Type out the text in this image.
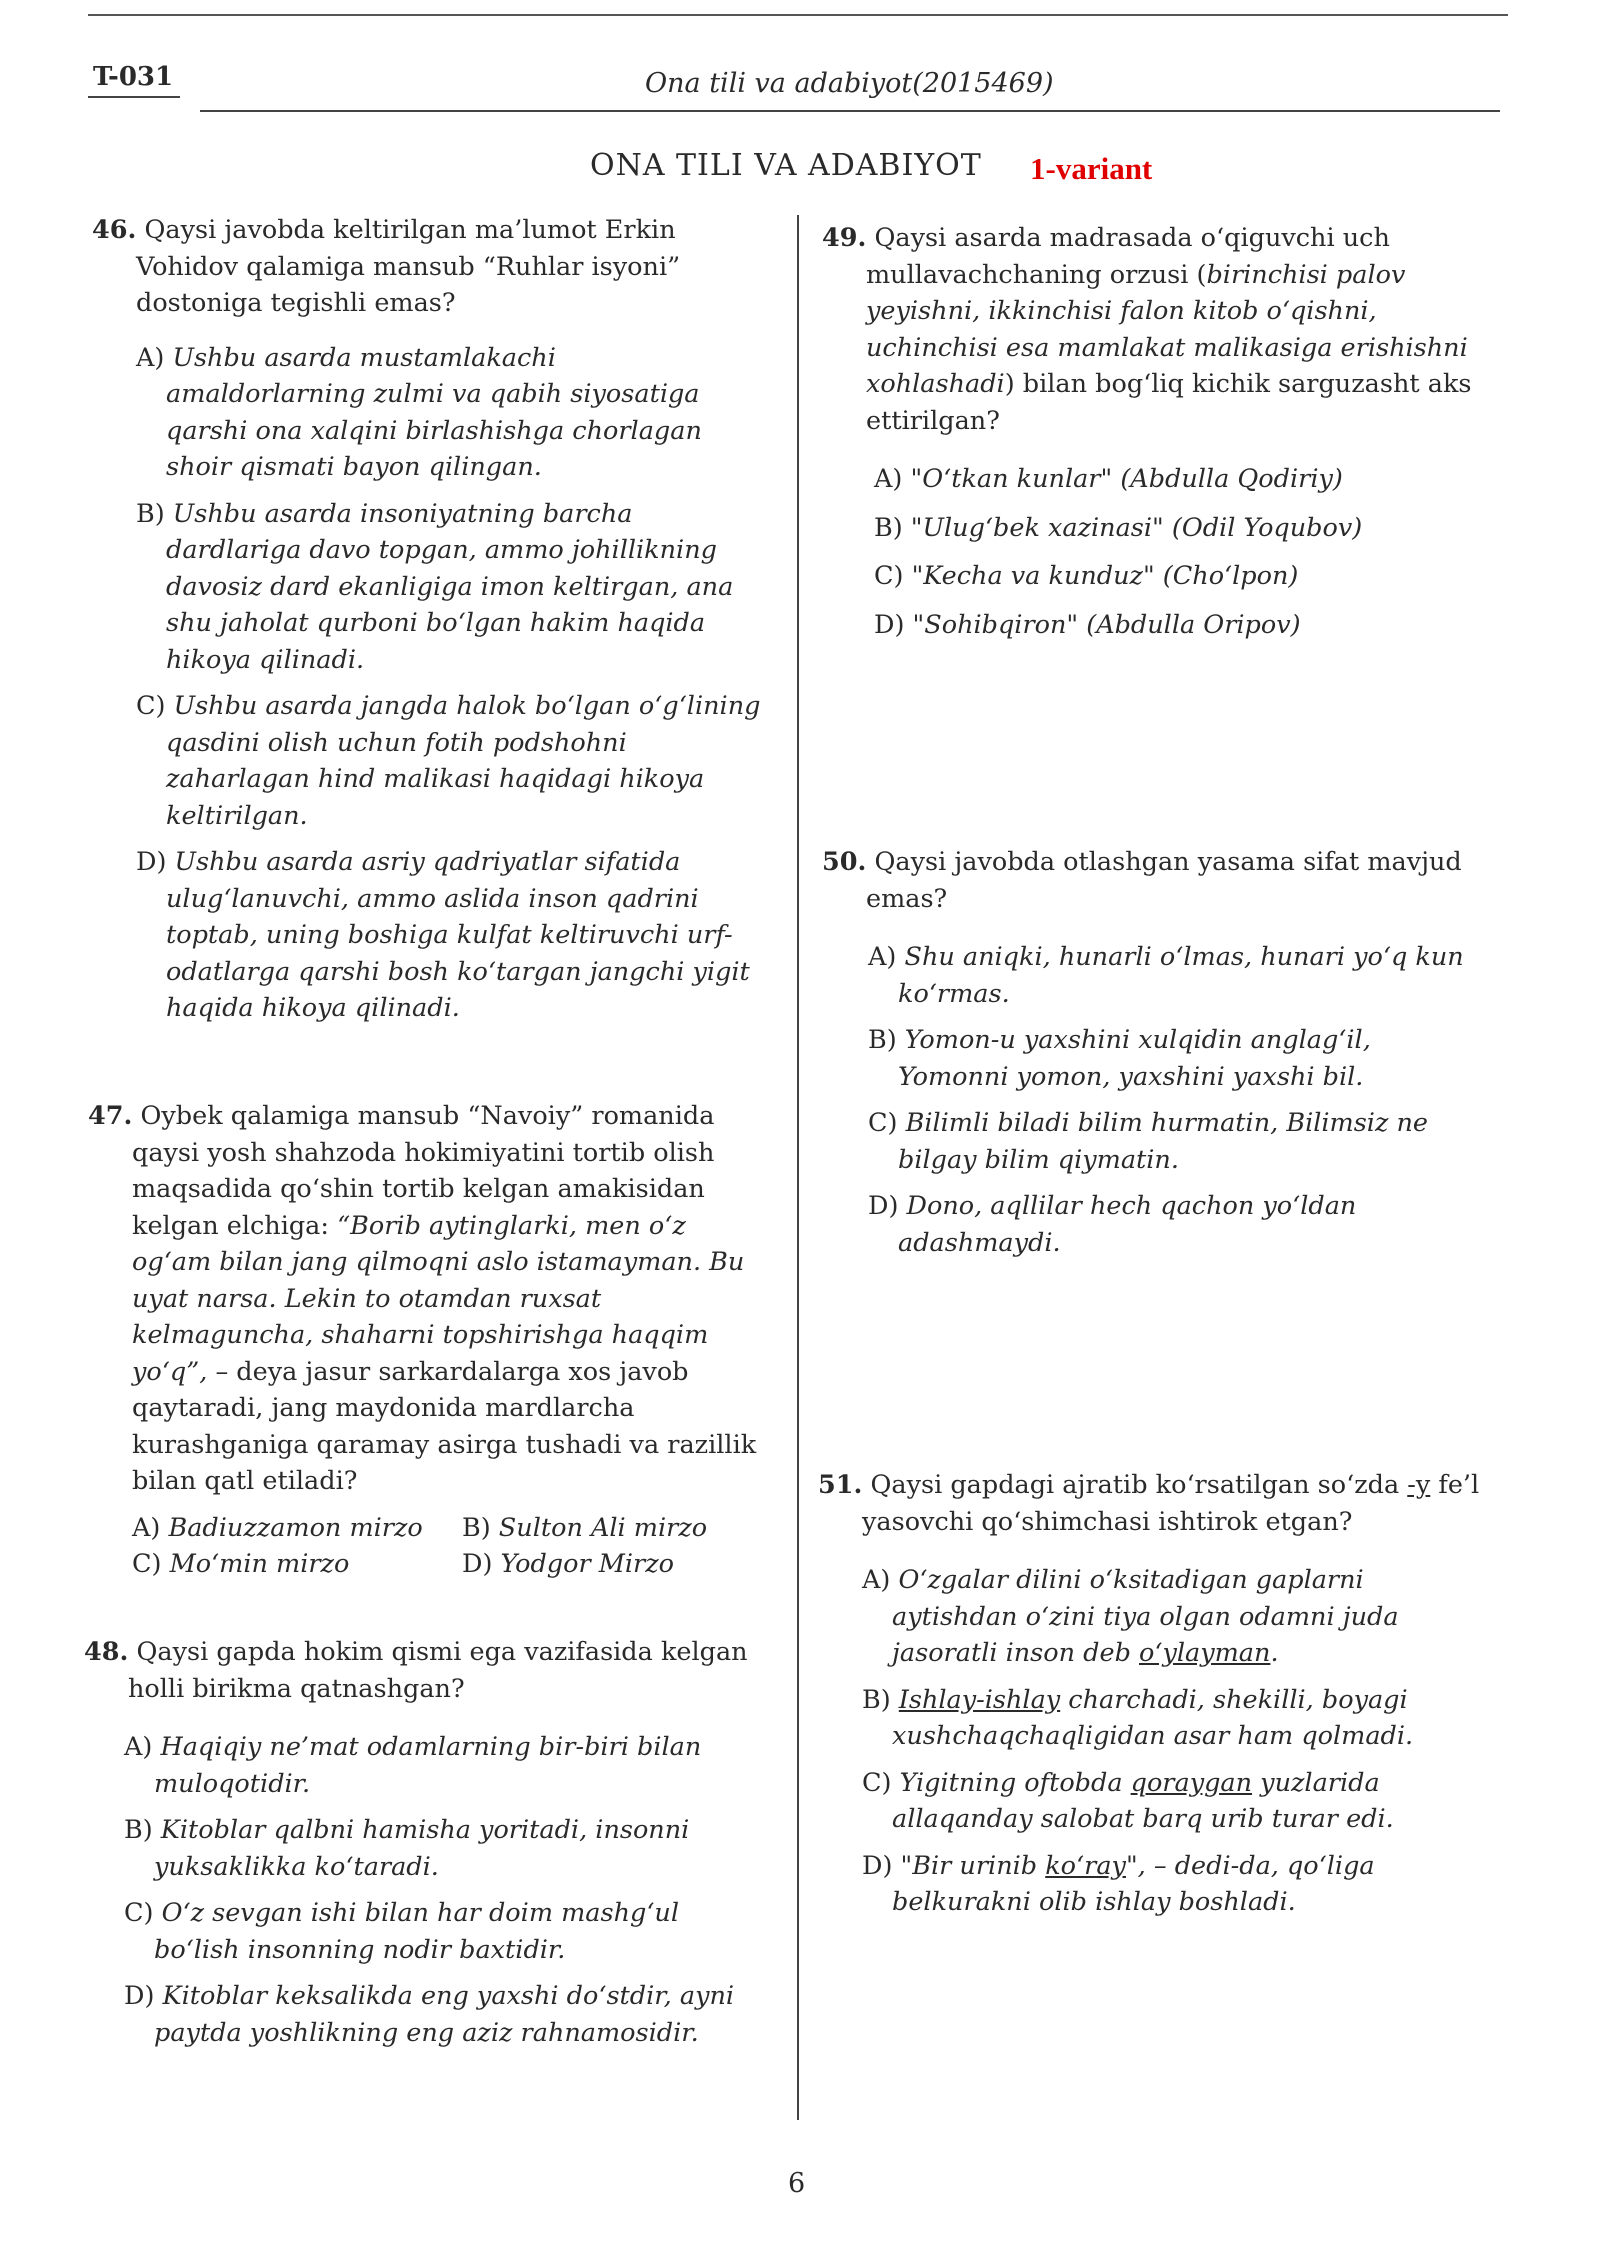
T-031	Ona tili va adabiyot(2015469)
ONA TILI VA ADABIYOT 1-variant
46. Qaysi javobda keltirilgan ma’lumot Erkin Vohidov qalamiga mansub “Ruhlar isyoni” dostoniga tegishli emas?
A) Ushbu asarda mustamlakachi amaldorlarning zulmi va qabih siyosatiga qarshi ona xalqini birlashishga chorlagan shoir qismati bayon qilingan.
B) Ushbu asarda insoniyatning barcha dardlariga davo topgan, ammo johillikning davosiz dard ekanligiga imon keltirgan, ana shu jaholat qurboni bo‘lgan hakim haqida hikoya qilinadi.
C) Ushbu asarda jangda halok bo‘lgan o‘g‘lining qasdini olish uchun fotih podshohni zaharlagan hind malikasi haqidagi hikoya keltirilgan.
D) Ushbu asarda asriy qadriyatlar sifatida ulug‘lanuvchi, ammo aslida inson qadrini toptab, uning boshiga kulfat keltiruvchi urf-odatlarga qarshi bosh ko‘targan jangchi yigit haqida hikoya qilinadi.
47. Oybek qalamiga mansub “Navoiy” romanida qaysi yosh shahzoda hokimiyatini tortib olish maqsadida qo‘shin tortib kelgan amakisidan kelgan elchiga: “Borib aytinglarki, men o‘z og‘am bilan jang qilmoqni aslo istamayman. Bu uyat narsa. Lekin to otamdan ruxsat kelmaguncha, shaharni topshirishga haqqim yo‘q”, – deya jasur sarkardalarga xos javob qaytaradi, jang maydonida mardlarcha kurashganiga qaramay asirga tushadi va razillik bilan qatl etiladi?
A) Badiuzzamon mirzo	B) Sulton Ali mirzo
C) Mo‘min mirzo	D) Yodgor Mirzo
48. Qaysi gapda hokim qismi ega vazifasida kelgan holli birikma qatnashgan?
A) Haqiqiy ne’mat odamlarning bir-biri bilan muloqotidir.
B) Kitoblar qalbni hamisha yoritadi, insonni yuksaklikka ko‘taradi.
C) O‘z sevgan ishi bilan har doim mashg‘ul bo‘lish insonning nodir baxtidir.
D) Kitoblar keksalikda eng yaxshi do‘stdir, ayni paytda yoshlikning eng aziz rahnamosidir.
49. Qaysi asarda madrasada o‘qiguvchi uch mullavachchaning orzusi (birinchisi palov yeyishni, ikkinchisi falon kitob o‘qishni, uchinchisi esa mamlakat malikasiga erishishni xohlashadi) bilan bog‘liq kichik sarguzasht aks ettirilgan?
A) "O‘tkan kunlar" (Abdulla Qodiriy)
B) "Ulug‘bek xazinasi" (Odil Yoqubov)
C) "Kecha va kunduz" (Cho‘lpon)
D) "Sohibqiron" (Abdulla Oripov)
50. Qaysi javobda otlashgan yasama sifat mavjud emas?
A) Shu aniqki, hunarli o‘lmas, hunari yo‘q kun ko‘rmas.
B) Yomon-u yaxshini xulqidin anglag‘il, Yomonni yomon, yaxshini yaxshi bil.
C) Bilimli biladi bilim hurmatin, Bilimsiz ne bilgay bilim qiymatin.
D) Dono, aqllilar hech qachon yo‘ldan adashmaydi.
51. Qaysi gapdagi ajratib ko‘rsatilgan so‘zda -y fe’l yasovchi qo‘shimchasi ishtirok etgan?
A) O‘zgalar dilini o‘ksitadigan gaplarni aytishdan o‘zini tiya olgan odamni juda jasoratli inson deb o‘ylayman.
B) Ishlay-ishlay charchadi, shekilli, boyagi xushchaqchaqligidan asar ham qolmadi.
C) Yigitning oftobda qoraygan yuzlarida allaqanday salobat barq urib turar edi.
D) "Bir urinib ko‘ray", – dedi-da, qo‘liga belkurakni olib ishlay boshladi.
6
